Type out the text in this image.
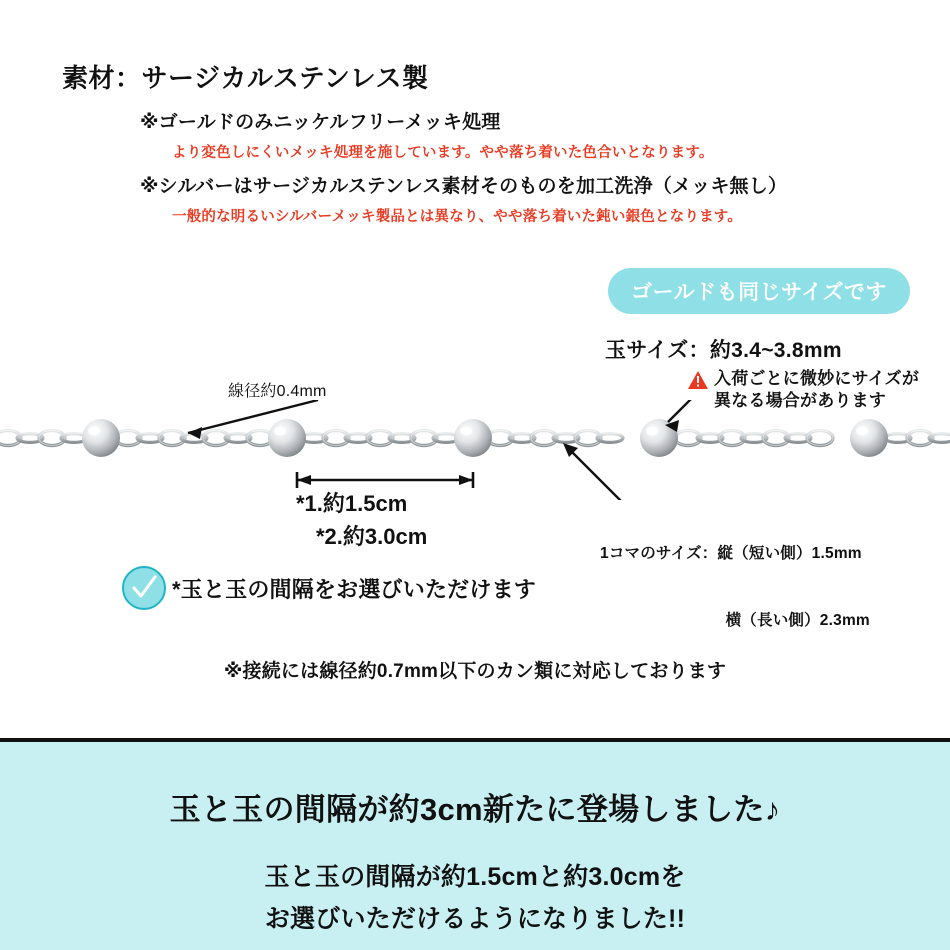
素材：サージカルステンレス製
※ゴールドのみニッケルフリーメッキ処理
より変色しにくいメッキ処理を施しています。やや落ち着いた色合いとなります。
※シルバーはサージカルステンレス素材そのものを加工洗浄（メッキ無し）
一般的な明るいシルバーメッキ製品とは異なり、やや落ち着いた鈍い銀色となります。
ゴールドも同じサイズです
玉サイズ：約3.4~3.8mm
入荷ごとに微妙にサイズが
異なる場合があります
線径約0.4mm
*1.約1.5cm
*2.約3.0cm

1コマのサイズ：縦（短い側）1.5mm

　　　　　　　　横（長い側）2.3mm

*玉と玉の間隔をお選びいただけます
※接続には線径約0.7mm以下のカン類に対応しております
玉と玉の間隔が約3cm新たに登場しました♪
玉と玉の間隔が約1.5cmと約3.0cmを
お選びいただけるようになりました!!
